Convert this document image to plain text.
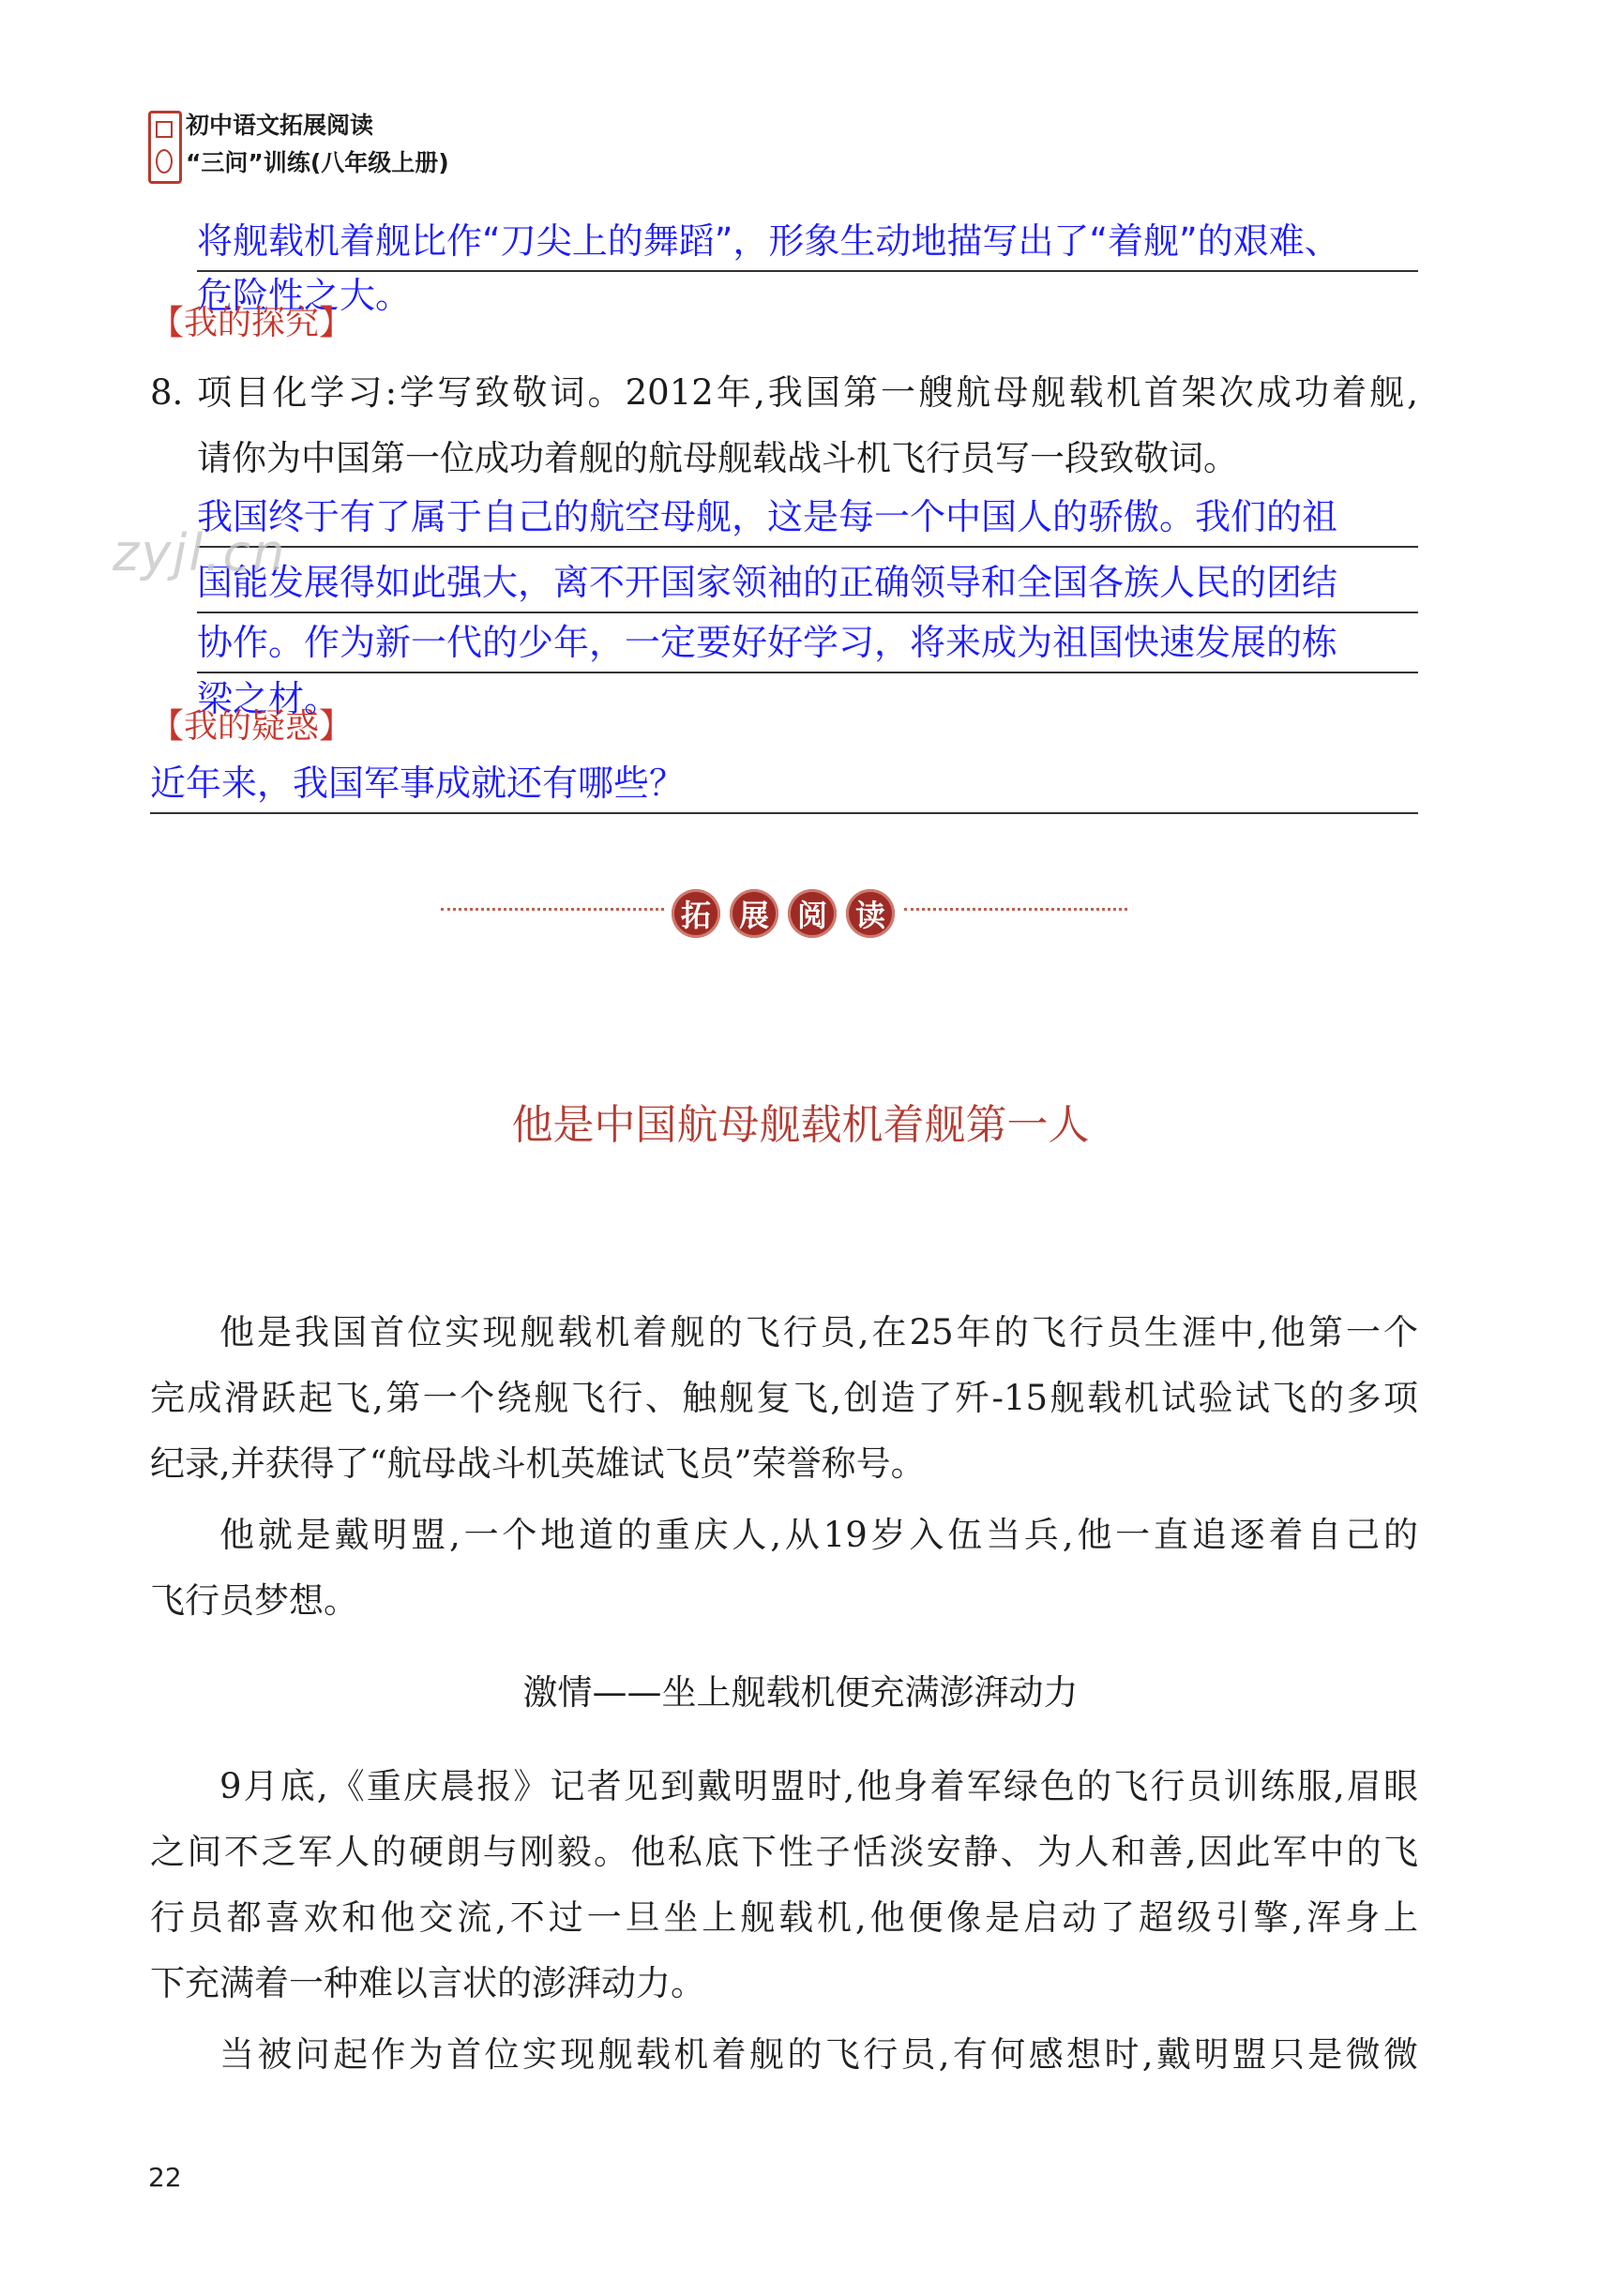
初中语文拓展阅读
“三问”训练(八年级上册)
将舰载机着舰比作“刀尖上的舞蹈”，形象生动地描写出了“着舰”的艰难、
危险性之大。
【我的探究】
8. 项目化学习:学写致敬词。2012年,我国第一艘航母舰载机首架次成功着舰,
请你为中国第一位成功着舰的航母舰载战斗机飞行员写一段致敬词。
我国终于有了属于自己的航空母舰，这是每一个中国人的骄傲。我们的祖
国能发展得如此强大，离不开国家领袖的正确领导和全国各族人民的团结
协作。作为新一代的少年，一定要好好学习，将来成为祖国快速发展的栋
梁之材。
【我的疑惑】
近年来，我国军事成就还有哪些？
拓 展 阅 读
他是中国航母舰载机着舰第一人
他是我国首位实现舰载机着舰的飞行员,在25年的飞行员生涯中,他第一个
完成滑跃起飞,第一个绕舰飞行、触舰复飞,创造了歼-15舰载机试验试飞的多项
纪录,并获得了“航母战斗机英雄试飞员”荣誉称号。
他就是戴明盟,一个地道的重庆人,从19岁入伍当兵,他一直追逐着自己的
飞行员梦想。
激情——坐上舰载机便充满澎湃动力
9月底,《重庆晨报》记者见到戴明盟时,他身着军绿色的飞行员训练服,眉眼
之间不乏军人的硬朗与刚毅。他私底下性子恬淡安静、为人和善,因此军中的飞
行员都喜欢和他交流,不过一旦坐上舰载机,他便像是启动了超级引擎,浑身上
下充满着一种难以言状的澎湃动力。
当被问起作为首位实现舰载机着舰的飞行员,有何感想时,戴明盟只是微微
22
zyjl.cn
